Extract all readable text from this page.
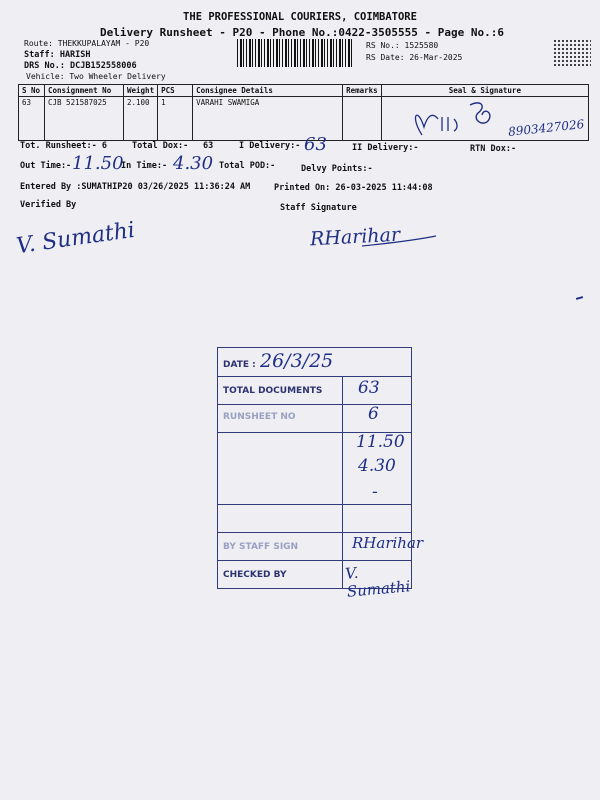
THE PROFESSIONAL COURIERS, COIMBATORE
Delivery Runsheet - P20 - Phone No.:0422-3505555 - Page No.:6
Route: THEKKUPALAYAM - P20
Staff: HARISH
DRS No.: DCJB152558006
Vehicle: Two Wheeler Delivery
RS No.: 1525580
RS Date: 26-Mar-2025
S No	Consignment No	Weight	PCS	Consignee Details	Remarks	Seal & Signature
63	CJB 521587025	2.100	1	VARAHI SWAMIGA		8903427026
Tot. Runsheet:- 6	Total Dox:- 63	I Delivery:- 63	II Delivery:-	RTN Dox:-
Out Time:- 11.50
In Time:- 4.30 Total POD:-	Delvy Points:-
Entered By :SUMATHIP20 03/26/2025 11:36:24 AM	Printed On: 26-03-2025 11:44:08
Verified By	Staff Signature
V. Sumathi	RHarihar
DATE : 26/3/25
TOTAL DOCUMENTS 63
RUNSHEET NO	6
11.50
4.30
-
BY STAFF SIGN	RHarihar
CHECKED BY	V. Sumathi
